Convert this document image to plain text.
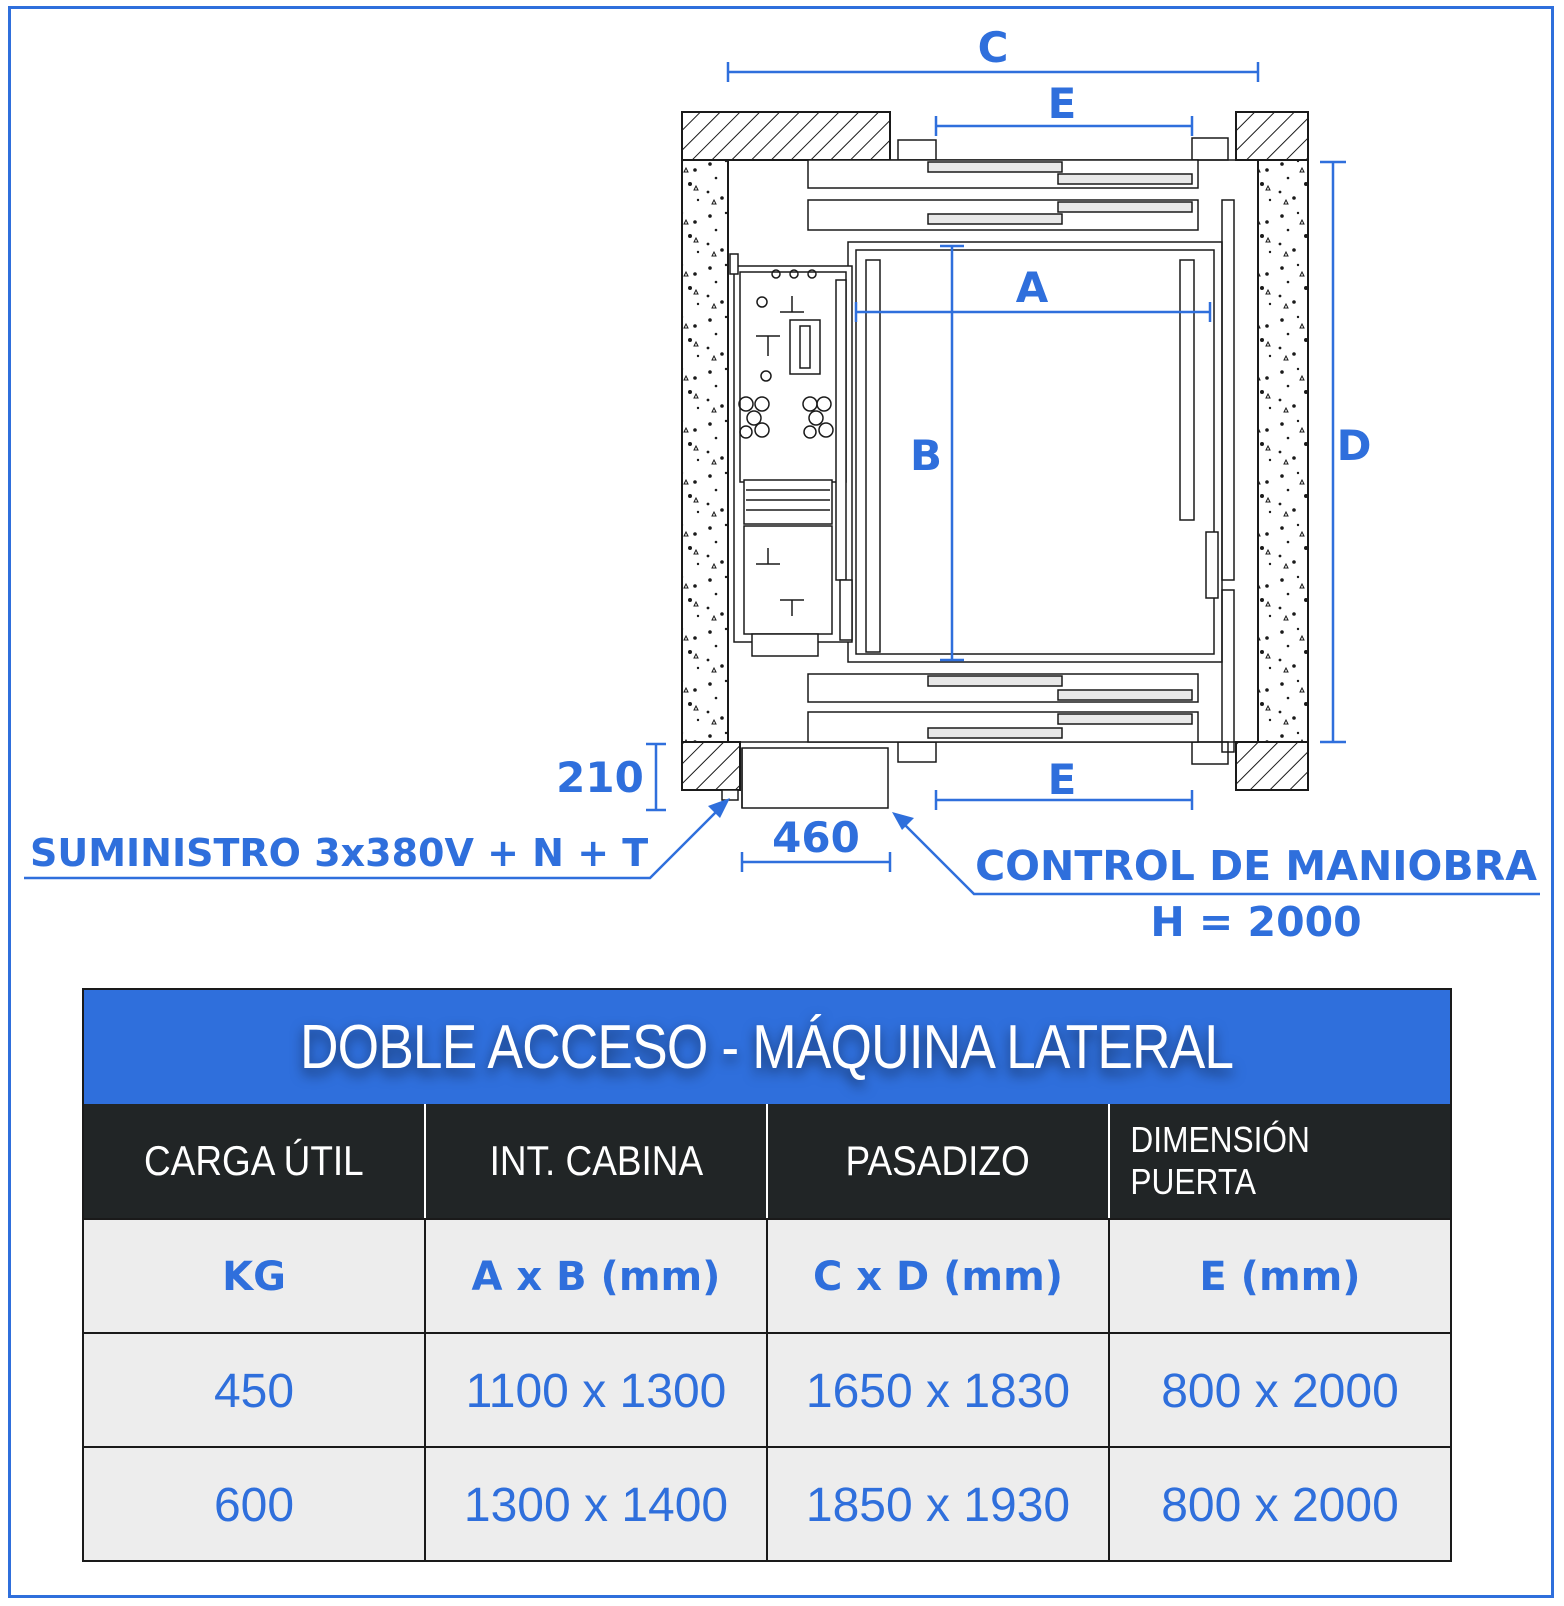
C
E
A
B	D
E
210
460
SUMINISTRO 3x380V + N + T	CONTROL DE MANIOBRA
H = 2000
DOBLE ACCESO - MÁQUINA LATERAL
CARGA ÚTIL	INT. CABINA	PASADIZO	DIMENSIÓN PUERTA
KG	A x B (mm)	C x D (mm)	E (mm)
450	1100 x 1300	1650 x 1830	800 x 2000
600	1300 x 1400	1850 x 1930	800 x 2000
